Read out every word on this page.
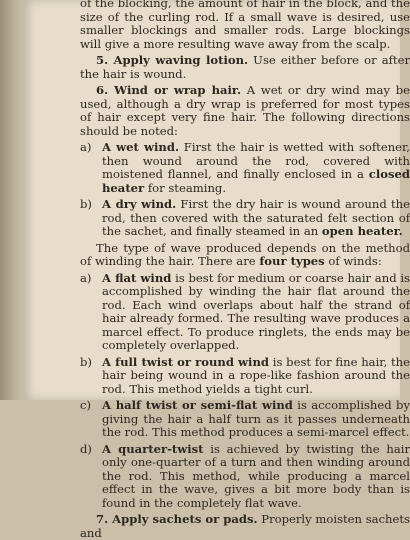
of the blocking, the amount of hair in the block, and the size of the curling rod. If a small wave is desired, use smaller blockings and smaller rods. Large blockings will give a more resulting wave away from the scalp.

5. Apply waving lotion. Use either before or after the hair is wound.

6. Wind or wrap hair. A wet or dry wind may be used, although a dry wrap is preferred for most types of hair except very fine hair. The following directions should be noted:

a) A wet wind. First the hair is wetted with softener, then wound around the rod, covered with moistened flannel, and finally enclosed in a closed heater for steaming.
b) A dry wind. First the dry hair is wound around the rod, then covered with the saturated felt section of the sachet, and finally steamed in an open heater.

The type of wave produced depends on the method of winding the hair. There are four types of winds:

a) A flat wind is best for medium or coarse hair and is accomplished by winding the hair flat around the rod. Each wind overlaps about half the strand of hair already formed. The resulting wave produces a marcel effect. To produce ringlets, the ends may be completely overlapped.
b) A full twist or round wind is best for fine hair, the hair being wound in a rope-like fashion around the rod. This method yields a tight curl.
c) A half twist or semi-flat wind is accomplished by giving the hair a half turn as it passes underneath the rod. This method produces a semi-marcel effect.
d) A quarter-twist is achieved by twisting the hair only one-quarter of a turn and then winding around the rod. This method, while producing a marcel effect in the wave, gives a bit more body than is found in the completely flat wave.

7. Apply sachets or pads. Properly moisten sachets and
